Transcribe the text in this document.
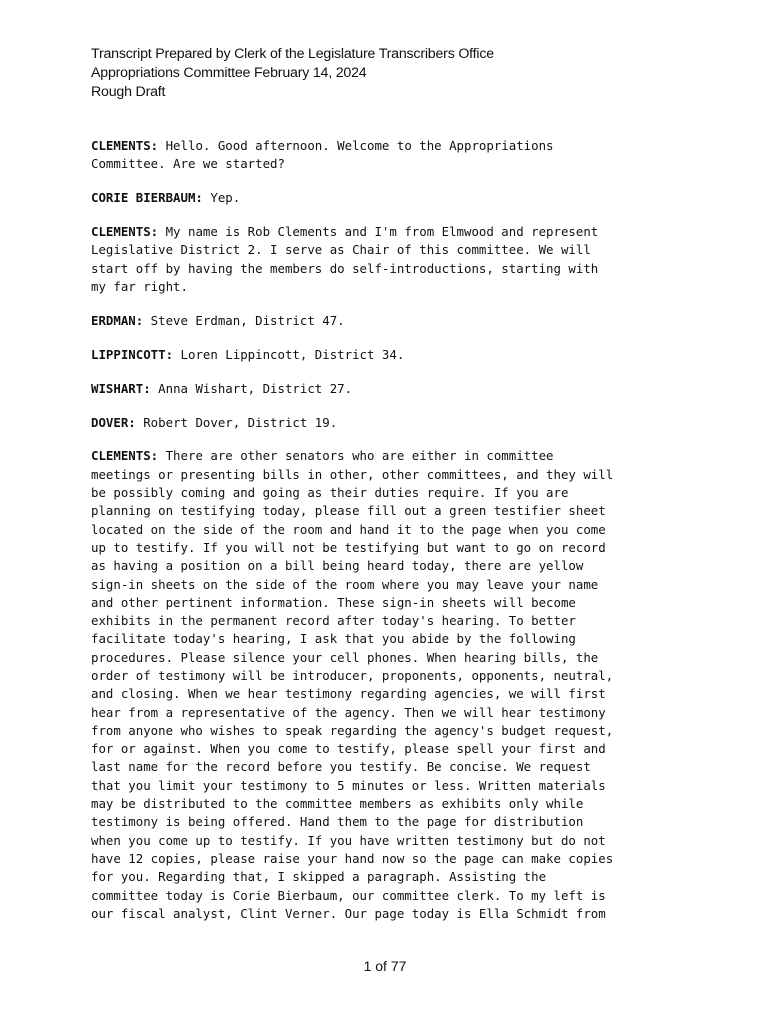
Transcript Prepared by Clerk of the Legislature Transcribers Office
Appropriations Committee February 14, 2024
Rough Draft

CLEMENTS: Hello. Good afternoon. Welcome to the Appropriations
Committee. Are we started?

CORIE BIERBAUM: Yep.

CLEMENTS: My name is Rob Clements and I'm from Elmwood and represent
Legislative District 2. I serve as Chair of this committee. We will
start off by having the members do self-introductions, starting with
my far right.

ERDMAN: Steve Erdman, District 47.

LIPPINCOTT: Loren Lippincott, District 34.

WISHART: Anna Wishart, District 27.

DOVER: Robert Dover, District 19.

CLEMENTS: There are other senators who are either in committee
meetings or presenting bills in other, other committees, and they will
be possibly coming and going as their duties require. If you are
planning on testifying today, please fill out a green testifier sheet
located on the side of the room and hand it to the page when you come
up to testify. If you will not be testifying but want to go on record
as having a position on a bill being heard today, there are yellow
sign-in sheets on the side of the room where you may leave your name
and other pertinent information. These sign-in sheets will become
exhibits in the permanent record after today's hearing. To better
facilitate today's hearing, I ask that you abide by the following
procedures. Please silence your cell phones. When hearing bills, the
order of testimony will be introducer, proponents, opponents, neutral,
and closing. When we hear testimony regarding agencies, we will first
hear from a representative of the agency. Then we will hear testimony
from anyone who wishes to speak regarding the agency's budget request,
for or against. When you come to testify, please spell your first and
last name for the record before you testify. Be concise. We request
that you limit your testimony to 5 minutes or less. Written materials
may be distributed to the committee members as exhibits only while
testimony is being offered. Hand them to the page for distribution
when you come up to testify. If you have written testimony but do not
have 12 copies, please raise your hand now so the page can make copies
for you. Regarding that, I skipped a paragraph. Assisting the
committee today is Corie Bierbaum, our committee clerk. To my left is
our fiscal analyst, Clint Verner. Our page today is Ella Schmidt from

1 of 77
